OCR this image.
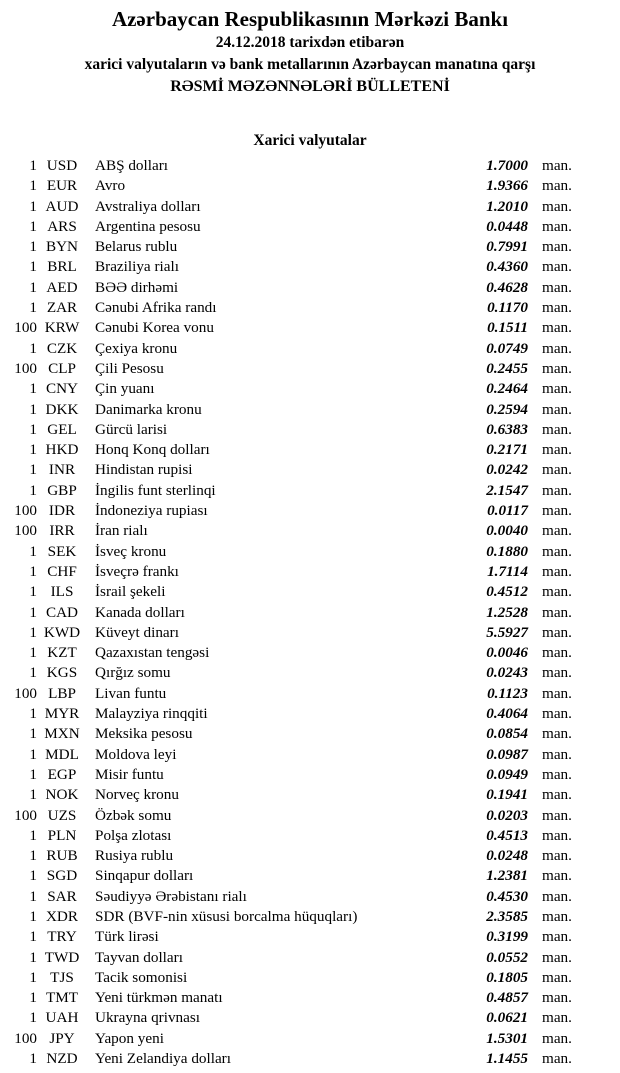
Azərbaycan Respublikasının Mərkəzi Bankı
24.12.2018 tarixdən etibarən
xarici valyutaların və bank metallarının Azərbaycan manatına qarşı
RƏSMİ MƏZƏNNƏLƏRİ BÜLLETENİ
Xarici valyutalar
1 USD	ABŞ dolları	1.7000 man.
1 EUR	Avro	1.9366 man.
1 AUD	Avstraliya dolları	1.2010 man.
1 ARS	Argentina pesosu	0.0448 man.
1 BYN	Belarus rublu	0.7991 man.
1 BRL	Braziliya rialı	0.4360 man.
1 AED	BƏƏ dirhəmi	0.4628 man.
1 ZAR	Cənubi Afrika randı	0.1170 man.
100 KRW	Cənubi Korea vonu	0.1511 man.
1 CZK	Çexiya kronu	0.0749 man.
100 CLP	Çili Pesosu	0.2455 man.
1 CNY	Çin yuanı	0.2464 man.
1 DKK	Danimarka kronu	0.2594 man.
1 GEL	Gürcü larisi	0.6383 man.
1 HKD	Honq Konq dolları	0.2171 man.
1 INR	Hindistan rupisi	0.0242 man.
1 GBP	İngilis funt sterlinqi	2.1547 man.
100 IDR	İndoneziya rupiası	0.0117 man.
100 IRR	İran rialı	0.0040 man.
1 SEK	İsveç kronu	0.1880 man.
1 CHF	İsveçrə frankı	1.7114 man.
1 ILS	İsrail şekeli	0.4512 man.
1 CAD	Kanada dolları	1.2528 man.
1 KWD Küveyt dinarı	5.5927 man.
1 KZT	Qazaxıstan tengəsi	0.0046 man.
1 KGS	Qırğız somu	0.0243 man.
100 LBP	Livan funtu	0.1123 man.
1 MYR	Malayziya rinqqiti	0.4064 man.
1 MXN	Meksika pesosu	0.0854 man.
1 MDL	Moldova leyi	0.0987 man.
1 EGP	Misir funtu	0.0949 man.
1 NOK	Norveç kronu	0.1941 man.
100 UZS	Özbək somu	0.0203 man.
1 PLN	Polşa zlotası	0.4513 man.
1 RUB	Rusiya rublu	0.0248 man.
1 SGD	Sinqapur dolları	1.2381 man.
1 SAR	Səudiyyə Ərəbistanı rialı	0.4530 man.
1 XDR	SDR (BVF-nin xüsusi borcalma hüquqları)	2.3585 man.
1 TRY	Türk lirəsi	0.3199 man.
1 TWD	Tayvan dolları	0.0552 man.
1 TJS	Tacik somonisi	0.1805 man.
1 TMT	Yeni türkmən manatı	0.4857 man.
1 UAH	Ukrayna qrivnası	0.0621 man.
100 JPY	Yapon yeni	1.5301 man.
1 NZD	Yeni Zelandiya dolları	1.1455 man.
